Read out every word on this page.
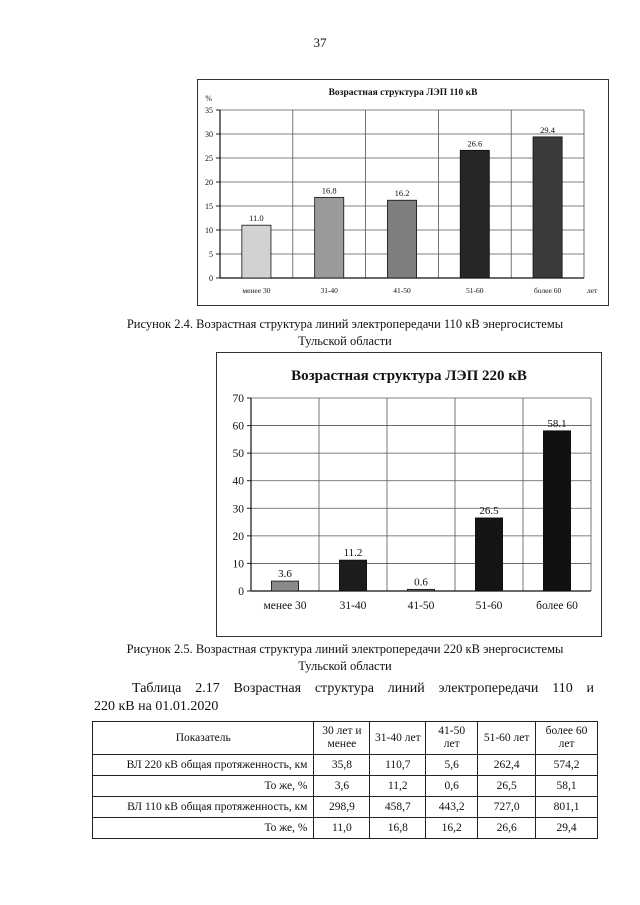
37
Возрастная структура ЛЭП 110 кВ
0
5
10
15
20
25
30
35
11.0
менее 30
16.8
31-40
16.2
41-50
26.6
51-60
29.4
более 60
%
лет
Рисунок 2.4. Возрастная структура линий электропередачи 110 кВ энергосистемы
Тульской области
Возрастная структура ЛЭП 220 кВ
0
10
20
30
40
50
60
70
3.6
менее 30
11.2
31-40
0.6
41-50
26.5
51-60
58.1
более 60
Рисунок 2.5. Возрастная структура линий электропередачи 220 кВ энергосистемы
Тульской области
Таблица 2.17 Возрастная структура линий электропередачи 110 и
220 кВ на 01.01.2020
Показатель	30 лет и менее	31-40 лет	41-50 лет	51-60 лет	более 60 лет
ВЛ 220 кВ общая протяженность, км	35,8	110,7	5,6	262,4	574,2
То же, %	3,6	11,2	0,6	26,5	58,1
ВЛ 110 кВ общая протяженность, км	298,9	458,7	443,2	727,0	801,1
То же, %	11,0	16,8	16,2	26,6	29,4
